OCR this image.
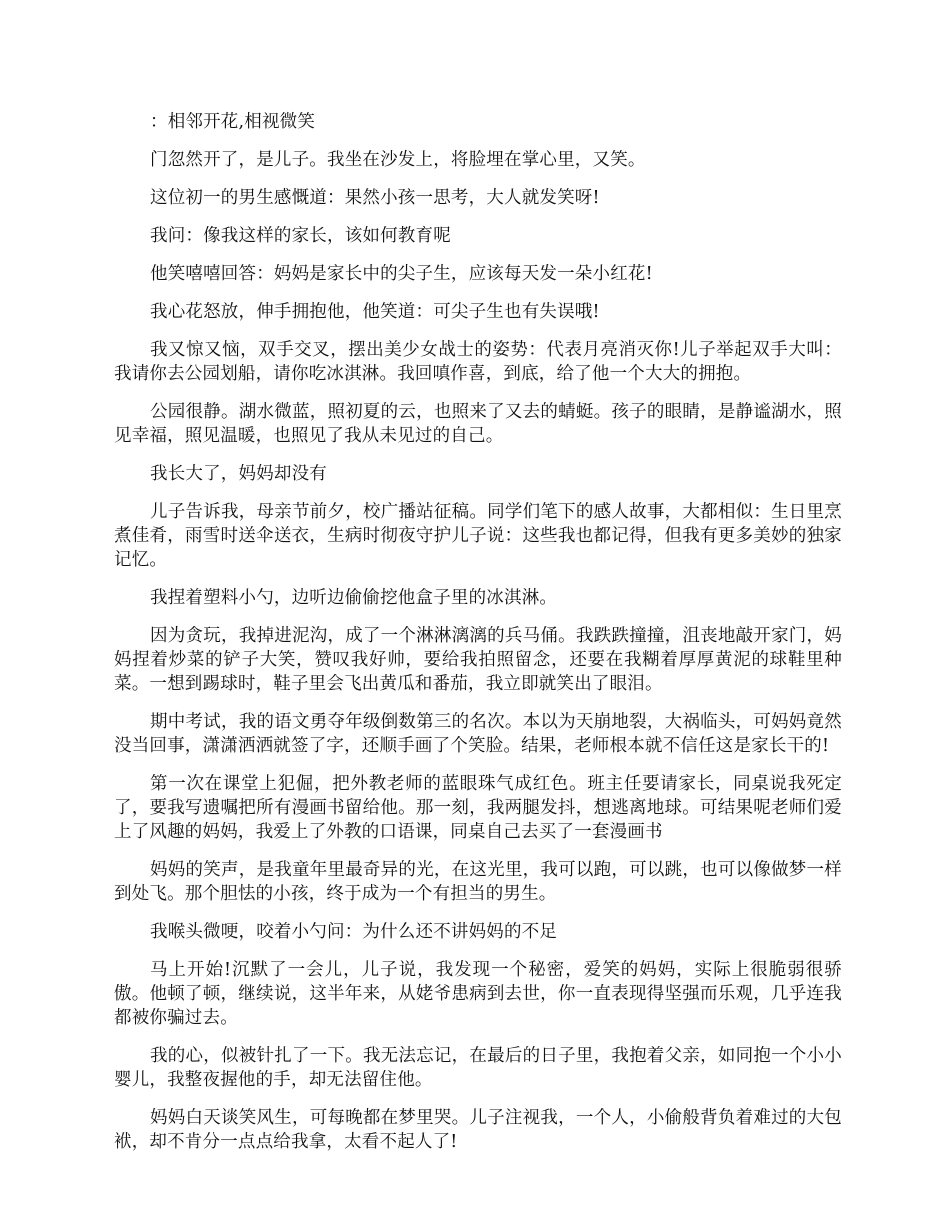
：相邻开花,相视微笑

门忽然开了，是儿子。我坐在沙发上，将脸埋在掌心里，又笑。

这位初一的男生感慨道：果然小孩一思考，大人就发笑呀!

我问：像我这样的家长，该如何教育呢

他笑嘻嘻回答：妈妈是家长中的尖子生，应该每天发一朵小红花!

我心花怒放，伸手拥抱他，他笑道：可尖子生也有失误哦!

我又惊又恼，双手交叉，摆出美少女战士的姿势：代表月亮消灭你!儿子举起双手大叫：我请你去公园划船，请你吃冰淇淋。我回嗔作喜，到底，给了他一个大大的拥抱。

公园很静。湖水微蓝，照初夏的云，也照来了又去的蜻蜓。孩子的眼睛，是静谧湖水，照见幸福，照见温暖，也照见了我从未见过的自己。

我长大了，妈妈却没有

儿子告诉我，母亲节前夕，校广播站征稿。同学们笔下的感人故事，大都相似：生日里烹煮佳肴，雨雪时送伞送衣，生病时彻夜守护儿子说：这些我也都记得，但我有更多美妙的独家记忆。

我捏着塑料小勺，边听边偷偷挖他盒子里的冰淇淋。

因为贪玩，我掉进泥沟，成了一个淋淋漓漓的兵马俑。我跌跌撞撞，沮丧地敲开家门，妈妈捏着炒菜的铲子大笑，赞叹我好帅，要给我拍照留念，还要在我糊着厚厚黄泥的球鞋里种菜。一想到踢球时，鞋子里会飞出黄瓜和番茄，我立即就笑出了眼泪。

期中考试，我的语文勇夺年级倒数第三的名次。本以为天崩地裂，大祸临头，可妈妈竟然没当回事，潇潇洒洒就签了字，还顺手画了个笑脸。结果，老师根本就不信任这是家长干的!

第一次在课堂上犯倔，把外教老师的蓝眼珠气成红色。班主任要请家长，同桌说我死定了，要我写遗嘱把所有漫画书留给他。那一刻，我两腿发抖，想逃离地球。可结果呢老师们爱上了风趣的妈妈，我爱上了外教的口语课，同桌自己去买了一套漫画书

妈妈的笑声，是我童年里最奇异的光，在这光里，我可以跑，可以跳，也可以像做梦一样到处飞。那个胆怯的小孩，终于成为一个有担当的男生。

我喉头微哽，咬着小勺问：为什么还不讲妈妈的不足

马上开始!沉默了一会儿，儿子说，我发现一个秘密，爱笑的妈妈，实际上很脆弱很骄傲。他顿了顿，继续说，这半年来，从姥爷患病到去世，你一直表现得坚强而乐观，几乎连我都被你骗过去。

我的心，似被针扎了一下。我无法忘记，在最后的日子里，我抱着父亲，如同抱一个小小婴儿，我整夜握他的手，却无法留住他。

妈妈白天谈笑风生，可每晚都在梦里哭。儿子注视我，一个人，小偷般背负着难过的大包袱，却不肯分一点点给我拿，太看不起人了!
